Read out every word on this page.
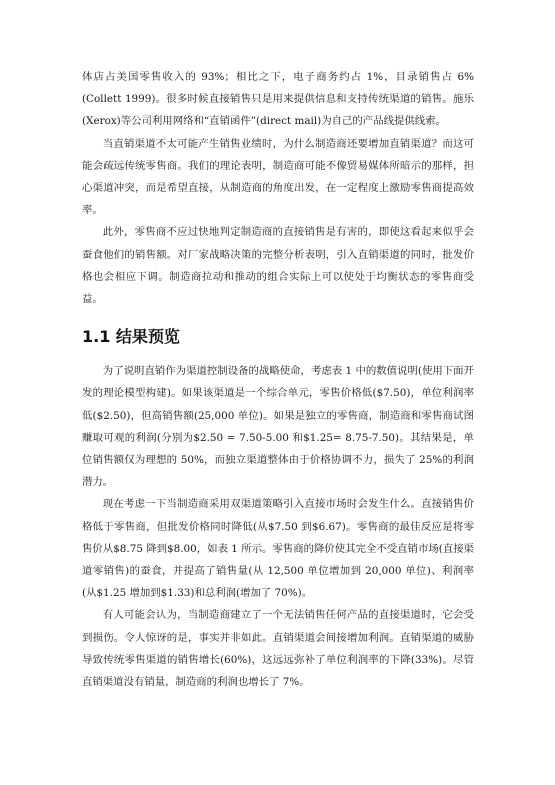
体店占美国零售收入的 93%；相比之下，电子商务约占 1%，目录销售占 6%(Collett 1999)。很多时候直接销售只是用来提供信息和支持传统渠道的销售。施乐(Xerox)等公司利用网络和“直销函件”(direct mail)为自己的产品线提供线索。

当直销渠道不太可能产生销售业绩时，为什么制造商还要增加直销渠道？而这可能会疏远传统零售商。我们的理论表明，制造商可能不像贸易媒体所暗示的那样，担心渠道冲突，而是希望直接，从制造商的角度出发，在一定程度上激励零售商提高效率。

此外，零售商不应过快地判定制造商的直接销售是有害的，即使这看起来似乎会蚕食他们的销售额。对厂家战略决策的完整分析表明，引入直销渠道的同时，批发价格也会相应下调。制造商拉动和推动的组合实际上可以使处于均衡状态的零售商受益。

1.1 结果预览

为了说明直销作为渠道控制设备的战略使命，考虑表 1 中的数值说明(使用下面开发的理论模型构建)。如果该渠道是一个综合单元，零售价格低($7.50)，单位利润率低($2.50)，但高销售额(25,000 单位)。如果是独立的零售商，制造商和零售商试图赚取可观的利润(分别为$2.50 = 7.50-5.00 和$1.25= 8.75-7.50)。其结果是，单位销售额仅为理想的 50%，而独立渠道整体由于价格协调不力，损失了 25%的利润潜力。

现在考虑一下当制造商采用双渠道策略引入直接市场时会发生什么。直接销售价格低于零售商，但批发价格同时降低(从$7.50 到$6.67)。零售商的最佳反应是将零售价从$8.75 降到$8.00，如表 1 所示。零售商的降价使其完全不受直销市场(直接渠道零销售)的蚕食，并提高了销售量(从 12,500 单位增加到 20,000 单位)、利润率(从$1.25 增加到$1.33)和总利润(增加了 70%)。

有人可能会认为，当制造商建立了一个无法销售任何产品的直接渠道时，它会受到损伤。令人惊讶的是，事实并非如此。直销渠道会间接增加利润。直销渠道的威胁导致传统零售渠道的销售增长(60%)，这远远弥补了单位利润率的下降(33%)。尽管直销渠道没有销量，制造商的利润也增长了 7%。
